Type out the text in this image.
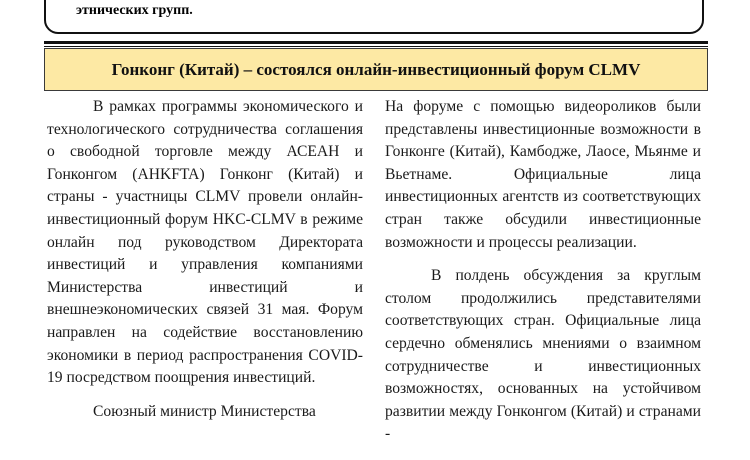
этнических групп.
Гонконг (Китай) – состоялся онлайн-инвестиционный форум CLMV

В рамках программы экономического и технологического сотрудничества соглашения о свободной торговле между АСЕАН и Гонконгом (AHKFTA) Гонконг (Китай) и страны - участницы CLMV провели онлайн-инвестиционный форум HKC-CLMV в режиме онлайн под руководством Директората инвестиций и управления компаниями Министерства инвестиций и внешнеэкономических связей 31 мая. Форум направлен на содействие восстановлению экономики в период распространения COVID-19 посредством поощрения инвестиций.

Союзный министр Министерства

На форуме с помощью видеороликов были представлены инвестиционные возможности в Гонконге (Китай), Камбодже, Лаосе, Мьянме и Вьетнаме. Официальные лица инвестиционных агентств из соответствующих стран также обсудили инвестиционные возможности и процессы реализации.

В полдень обсуждения за круглым столом продолжились представителями соответствующих стран. Официальные лица сердечно обменялись мнениями о взаимном сотрудничестве и инвестиционных возможностях, основанных на устойчивом развитии между Гонконгом (Китай) и странами -
